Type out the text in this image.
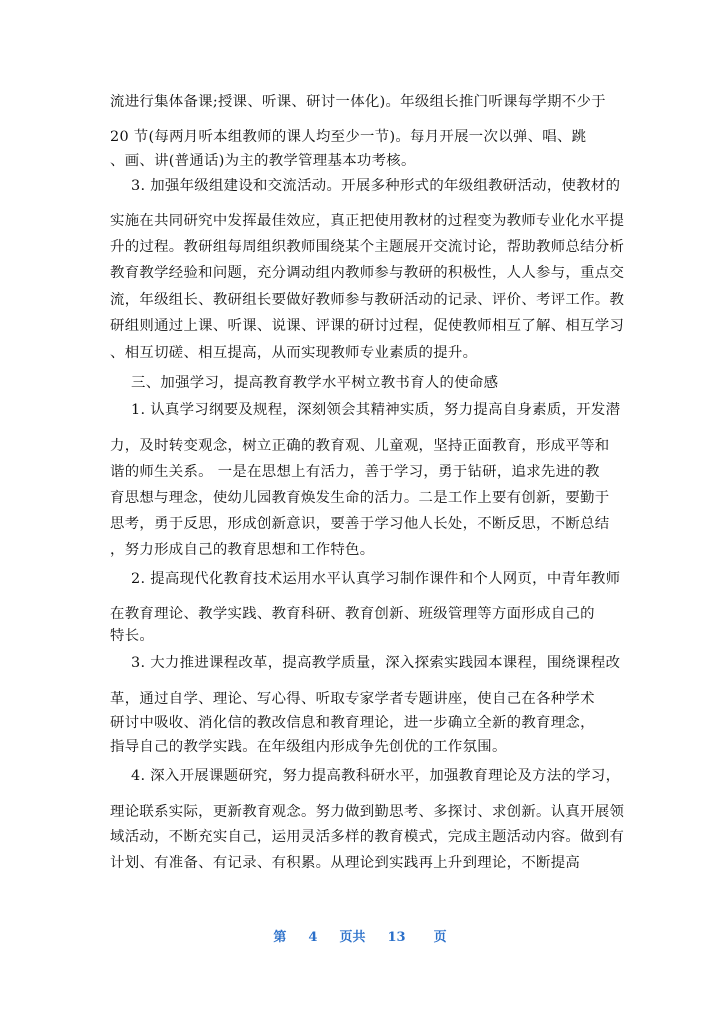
流进行集体备课;授课、听课、研讨一体化)。年级组长推门听课每学期不少于
20 节(每两月听本组教师的课人均至少一节)。每月开展一次以弹、唱、跳
、画、讲(普通话)为主的教学管理基本功考核。
3. 加强年级组建设和交流活动。开展多种形式的年级组教研活动，使教材的
实施在共同研究中发挥最佳效应，真正把使用教材的过程变为教师专业化水平提
升的过程。教研组每周组织教师围绕某个主题展开交流讨论，帮助教师总结分析
教育教学经验和问题，充分调动组内教师参与教研的积极性，人人参与，重点交
流，年级组长、教研组长要做好教师参与教研活动的记录、评价、考评工作。教
研组则通过上课、听课、说课、评课的研讨过程，促使教师相互了解、相互学习
、相互切磋、相互提高，从而实现教师专业素质的提升。
三、加强学习，提高教育教学水平树立教书育人的使命感
1. 认真学习纲要及规程，深刻领会其精神实质，努力提高自身素质，开发潜
力，及时转变观念，树立正确的教育观、儿童观，坚持正面教育，形成平等和
谐的师生关系。 一是在思想上有活力，善于学习，勇于钻研，追求先进的教
育思想与理念，使幼儿园教育焕发生命的活力。二是工作上要有创新，要勤于
思考，勇于反思，形成创新意识，要善于学习他人长处，不断反思，不断总结
，努力形成自己的教育思想和工作特色。
2. 提高现代化教育技术运用水平认真学习制作课件和个人网页，中青年教师
在教育理论、教学实践、教育科研、教育创新、班级管理等方面形成自己的
特长。
3. 大力推进课程改革，提高教学质量，深入探索实践园本课程，围绕课程改
革，通过自学、理论、写心得、听取专家学者专题讲座，使自己在各种学术
研讨中吸收、消化信的教改信息和教育理论，进一步确立全新的教育理念，
指导自己的教学实践。在年级组内形成争先创优的工作氛围。
4. 深入开展课题研究，努力提高教科研水平，加强教育理论及方法的学习，
理论联系实际，更新教育观念。努力做到勤思考、多探讨、求创新。认真开展领
域活动，不断充实自己，运用灵活多样的教育模式，完成主题活动内容。做到有
计划、有准备、有记录、有积累。从理论到实践再上升到理论，不断提高
第 4 页共 13 页
